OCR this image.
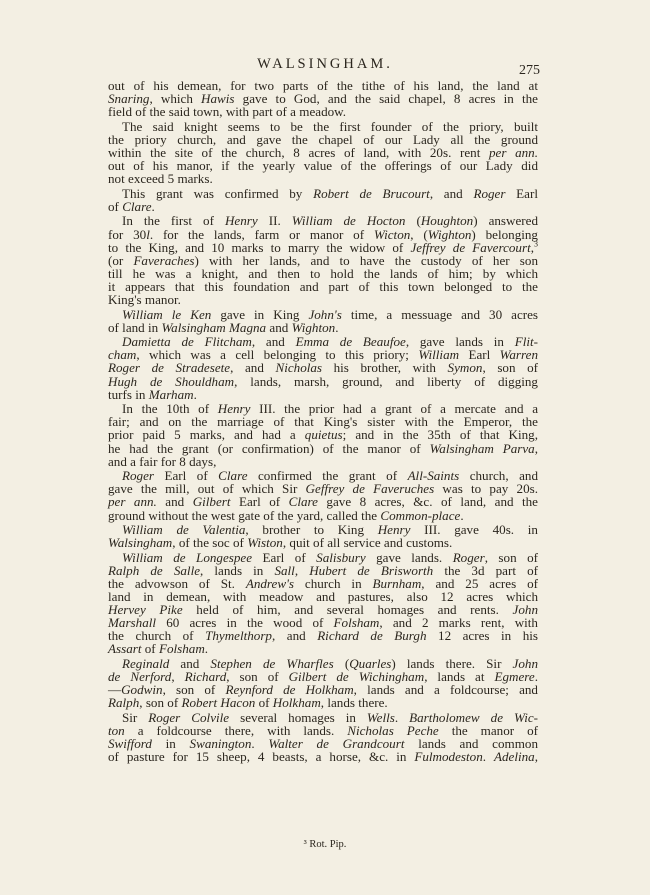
WALSINGHAM.	275
out of his demean, for two parts of the tithe of his land, the land at
Snaring, which Hawis gave to God, and the said chapel, 8 acres in the
field of the said town, with part of a meadow.
The said knight seems to be the first founder of the priory, built
the priory church, and gave the chapel of our Lady all the ground
within the site of the church, 8 acres of land, with 20s. rent per ann.
out of his manor, if the yearly value of the offerings of our Lady did
not exceed 5 marks.
This grant was confirmed by Robert de Brucourt, and Roger Earl
of Clare.
In the first of Henry II. William de Hocton (Houghton) answered
for 30l. for the lands, farm or manor of Wicton, (Wighton) belonging
to the King, and 10 marks to marry the widow of Jeffrey de Favercourt,$^3$
(or Faveraches) with her lands, and to have the custody of her son
till he was a knight, and then to hold the lands of him; by which
it appears that this foundation and part of this town belonged to the
King's manor.
William le Ken gave in King John's time, a messuage and 30 acres
of land in Walsingham Magna and Wighton.
Damietta de Flitcham, and Emma de Beaufoe, gave lands in Flit-
cham, which was a cell belonging to this priory; William Earl Warren
Roger de Stradesete, and Nicholas his brother, with Symon, son of
Hugh de Shouldham, lands, marsh, ground, and liberty of digging
turfs in Marham.
In the 10th of Henry III. the prior had a grant of a mercate and a
fair; and on the marriage of that King's sister with the Emperor, the
prior paid 5 marks, and had a quietus; and in the 35th of that King,
he had the grant (or confirmation) of the manor of Walsingham Parva,
and a fair for 8 days,
Roger Earl of Clare confirmed the grant of All-Saints church, and
gave the mill, out of which Sir Geffrey de Faveruches was to pay 20s.
per ann. and Gilbert Earl of Clare gave 8 acres, &c. of land, and the
ground without the west gate of the yard, called the Common-place.
William de Valentia, brother to King Henry III. gave 40s. in
Walsingham, of the soc of Wiston, quit of all service and customs.
William de Longespee Earl of Salisbury gave lands. Roger, son of
Ralph de Salle, lands in Sall, Hubert de Brisworth the 3d part of
the advowson of St. Andrew's church in Burnham, and 25 acres of
land in demean, with meadow and pastures, also 12 acres which
Hervey Pike held of him, and several homages and rents. John
Marshall 60 acres in the wood of Folsham, and 2 marks rent, with
the church of Thymelthorp, and Richard de Burgh 12 acres in his
Assart of Folsham.
Reginald and Stephen de Wharfles (Quarles) lands there. Sir John
de Nerford, Richard, son of Gilbert de Wichingham, lands at Egmere.
—Godwin, son of Reynford de Holkham, lands and a foldcourse; and
Ralph, son of Robert Hacon of Holkham, lands there.
Sir Roger Colvile several homages in Wells. Bartholomew de Wic-
ton a foldcourse there, with lands. Nicholas Peche the manor of
Swifford in Swanington. Walter de Grandcourt lands and common
of pasture for 15 sheep, 4 beasts, a horse, &c. in Fulmodeston. Adelina,
³ Rot. Pip.
